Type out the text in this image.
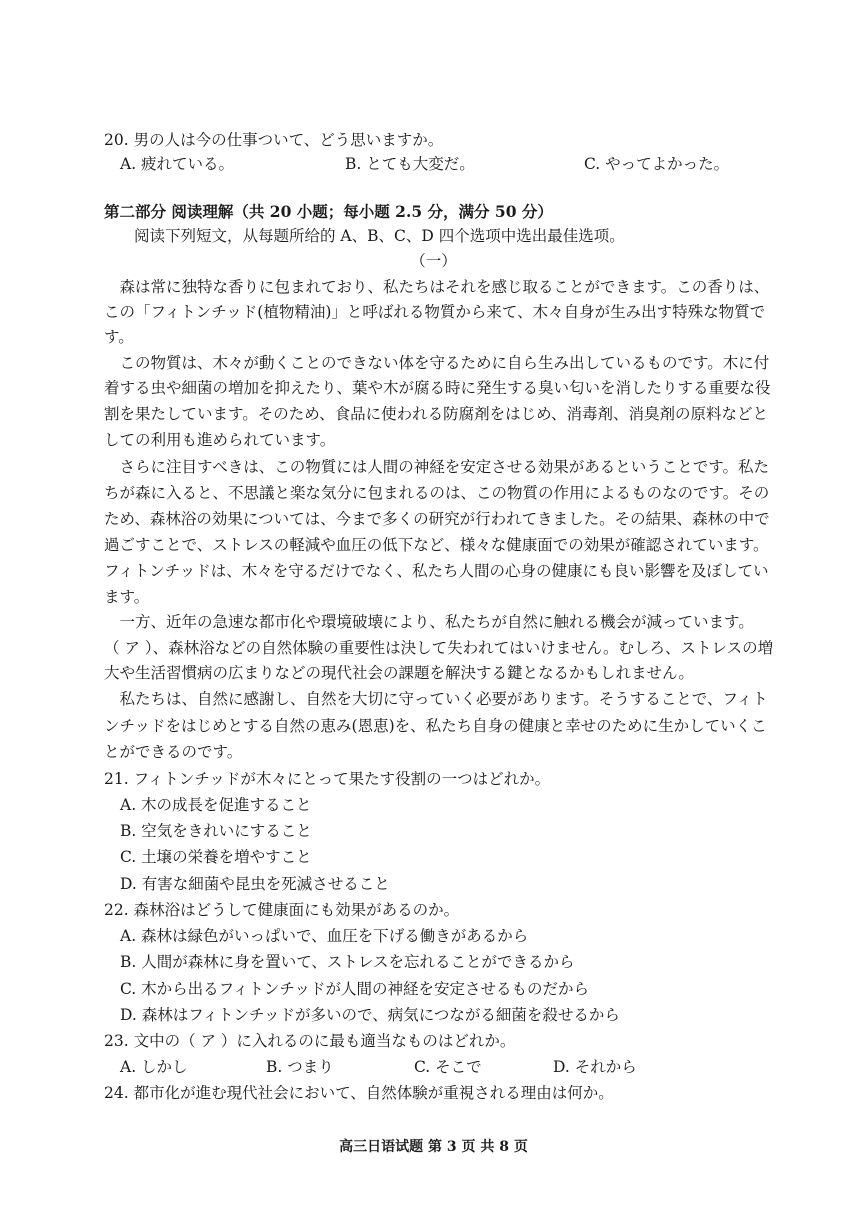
20. 男の人は今の仕事ついて、どう思いますか。
A. 疲れている。	B. とても大変だ。	C. やってよかった。
第二部分 阅读理解（共 20 小题；每小题 2.5 分，满分 50 分）
阅读下列短文，从每题所给的 A、B、C、D 四个选项中选出最佳选项。
（一）
　森は常に独特な香りに包まれており、私たちはそれを感じ取ることができます。この香りは、
この「フィトンチッド(植物精油)」と呼ばれる物質から来て、木々自身が生み出す特殊な物質で
す。
　この物質は、木々が動くことのできない体を守るために自ら生み出しているものです。木に付
着する虫や細菌の増加を抑えたり、葉や木が腐る時に発生する臭い匂いを消したりする重要な役
割を果たしています。そのため、食品に使われる防腐剤をはじめ、消毒剤、消臭剤の原料などと
しての利用も進められています。
　さらに注目すべきは、この物質には人間の神経を安定させる効果があるということです。私た
ちが森に入ると、不思議と楽な気分に包まれるのは、この物質の作用によるものなのです。その
ため、森林浴の効果については、今まで多くの研究が行われてきました。その結果、森林の中で
過ごすことで、ストレスの軽減や血圧の低下など、様々な健康面での効果が確認されています。
フィトンチッドは、木々を守るだけでなく、私たち人間の心身の健康にも良い影響を及ぼしてい
ます。
　一方、近年の急速な都市化や環境破壊により、私たちが自然に触れる機会が減っています。
（ ア ）、森林浴などの自然体験の重要性は決して失われてはいけません。むしろ、ストレスの増
大や生活習慣病の広まりなどの現代社会の課題を解決する鍵となるかもしれません。
　私たちは、自然に感謝し、自然を大切に守っていく必要があります。そうすることで、フィト
ンチッドをはじめとする自然の恵み(恩恵)を、私たち自身の健康と幸せのために生かしていくこ
とができるのです。
21. フィトンチッドが木々にとって果たす役割の一つはどれか。
A. 木の成長を促進すること
B. 空気をきれいにすること
C. 土壌の栄養を増やすこと
D. 有害な細菌や昆虫を死滅させること
22. 森林浴はどうして健康面にも効果があるのか。
A. 森林は緑色がいっぱいで、血圧を下げる働きがあるから
B. 人間が森林に身を置いて、ストレスを忘れることができるから
C. 木から出るフィトンチッドが人間の神経を安定させるものだから
D. 森林はフィトンチッドが多いので、病気につながる細菌を殺せるから
23. 文中の（ ア ）に入れるのに最も適当なものはどれか。
A. しかし	B. つまり	C. そこで	D. それから
24. 都市化が進む現代社会において、自然体験が重視される理由は何か。
高三日语试题 第 3 页 共 8 页
